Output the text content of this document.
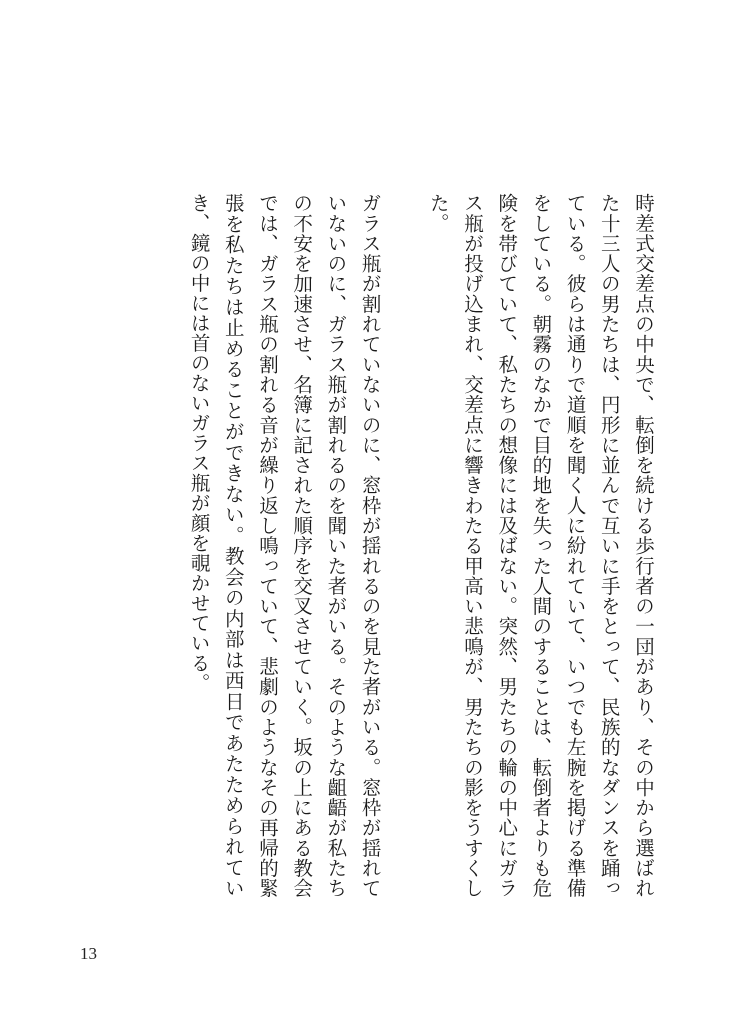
時差式交差点の中央で、転倒を続ける歩行者の一団があり、その中から選ばれた十三人の男たちは、円形に並んで互いに手をとって、民族的なダンスを踊っている。彼らは通りで道順を聞く人に紛れていて、いつでも左腕を掲げる準備をしている。朝霧のなかで目的地を失った人間のすることは、転倒者よりも危険を帯びていて、私たちの想像には及ばない。突然、男たちの輪の中心にガラス瓶が投げ込まれ、交差点に響きわたる甲高い悲鳴が、男たちの影をうすくした。

ガラス瓶が割れていないのに、窓枠が揺れるのを見た者がいる。窓枠が揺れていないのに、ガラス瓶が割れるのを聞いた者がいる。そのような齟齬が私たちの不安を加速させ、名簿に記された順序を交叉させていく。坂の上にある教会では、ガラス瓶の割れる音が繰り返し鳴っていて、悲劇のようなその再帰的緊張を私たちは止めることができない。教会の内部は西日であたためられていき、鏡の中には首のないガラス瓶が顔を覗かせている。

13
